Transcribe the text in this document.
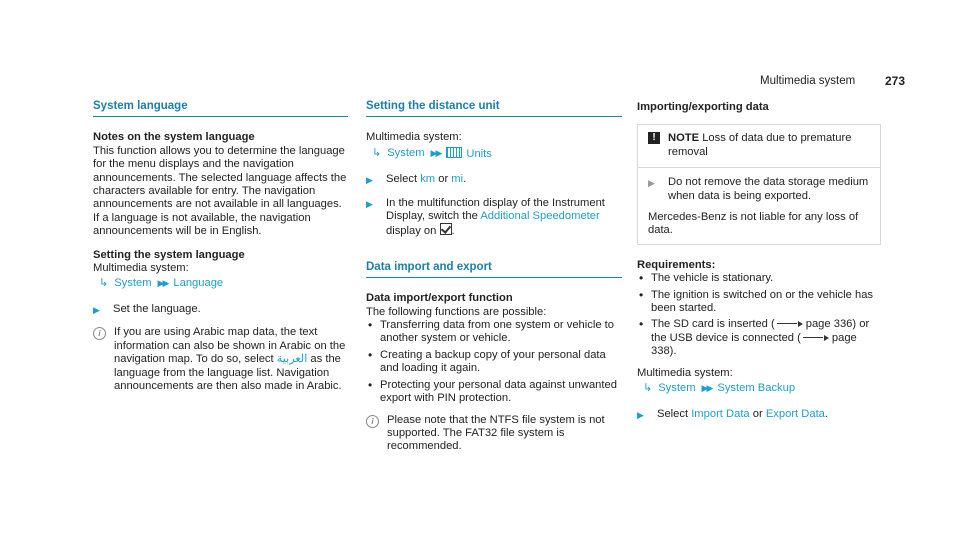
Multimedia system 273
System language
Notes on the system language
This function allows you to determine the language for the menu displays and the navigation announcements. The selected language affects the characters available for entry. The navigation announcements are not available in all languages. If a language is not available, the navigation announcements will be in English.
Setting the system language
Multimedia system:
↳ System ▶▶ Language
▶ Set the language.
i	If you are using Arabic map data, the text information can also be shown in Arabic on the navigation map. To do so, select العربية as the language from the language list. Navigation announcements are then also made in Arabic.
Setting the distance unit
Multimedia system:
↳ System ▶▶	Units
▶ Select km or mi.
▶ In the multifunction display of the Instrument Display, switch the Additional Speedometer display on .
Data import and export
Data import/export function
The following functions are possible:
• Transferring data from one system or vehicle to another system or vehicle.
• Creating a backup copy of your personal data and loading it again.
• Protecting your personal data against unwanted export with PIN protection.
i	Please note that the NTFS file system is not supported. The FAT32 file system is recommended.
Importing/exporting data
!	NOTE Loss of data due to premature removal
▶ Do not remove the data storage medium when data is being exported.
Mercedes-Benz is not liable for any loss of data.
Requirements:
• The vehicle is stationary.
• The ignition is switched on or the vehicle has been started.
• The SD card is inserted (	page 336) or the USB device is connected (	page 338).
Multimedia system:
↳ System ▶▶ System Backup
▶ Select Import Data or Export Data.
